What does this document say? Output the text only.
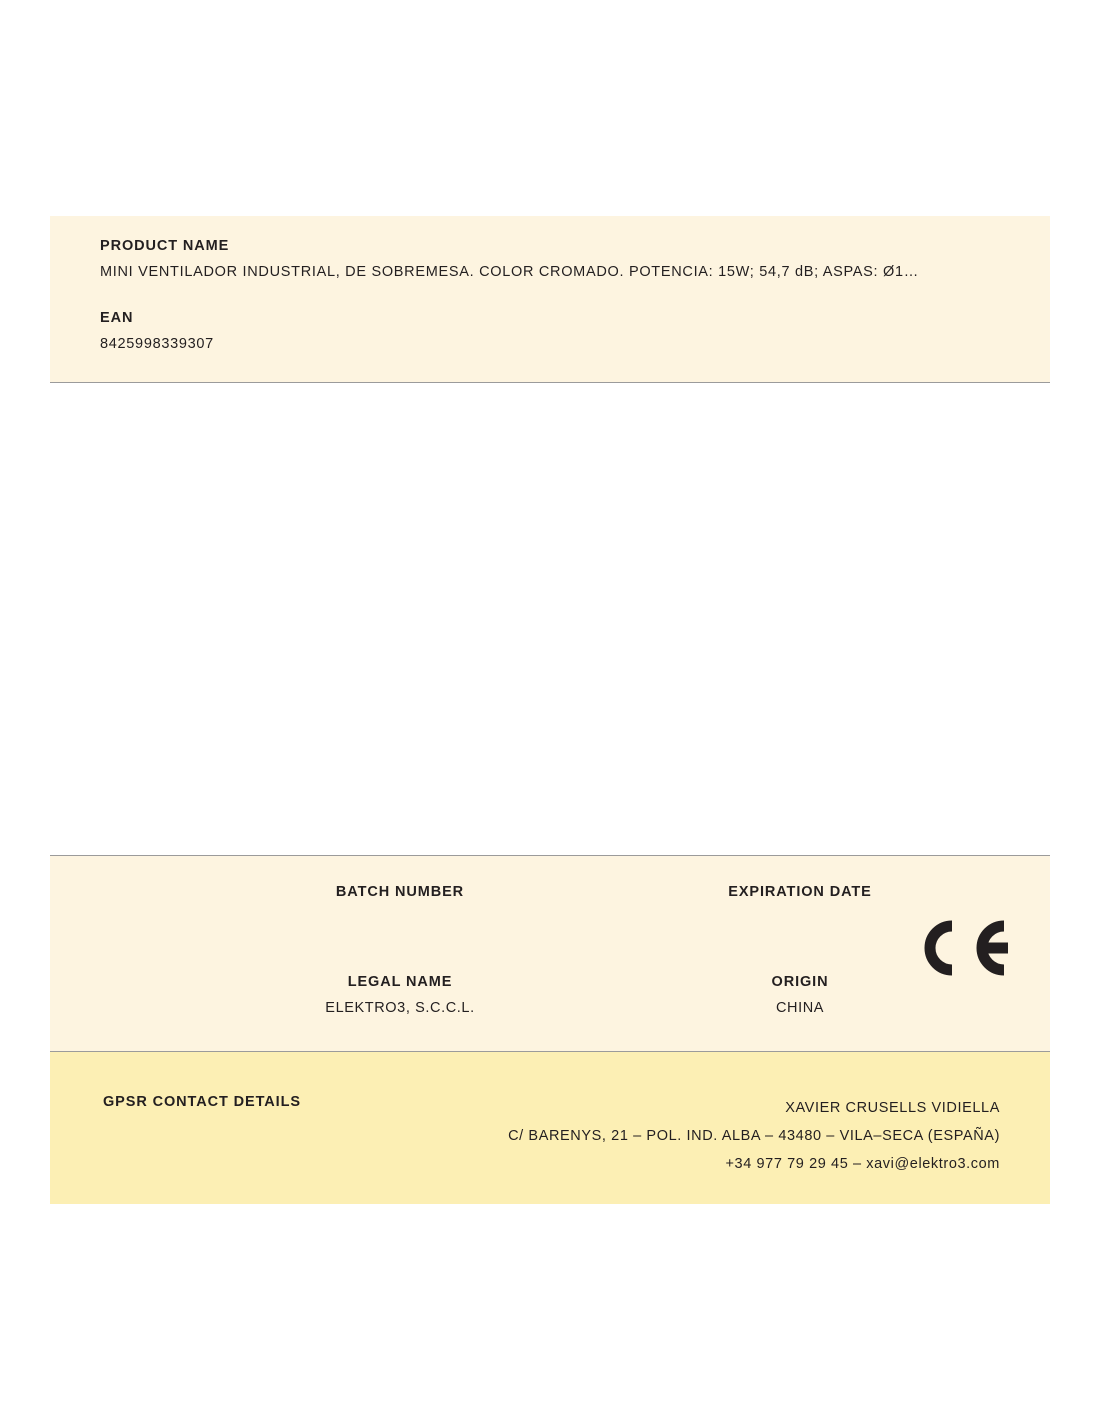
PRODUCT NAME
MINI VENTILADOR INDUSTRIAL, DE SOBREMESA. COLOR CROMADO. POTENCIA: 15W; 54,7 dB; ASPAS: Ø1…
EAN
8425998339307
BATCH NUMBER	EXPIRATION DATE
LEGAL NAME
ELEKTRO3, S.C.C.L.
ORIGIN
CHINA
GPSR CONTACT DETAILS	XAVIER CRUSELLS VIDIELLA
C/ BARENYS, 21 – POL. IND. ALBA – 43480 – VILA–SECA (ESPAÑA)
+34 977 79 29 45 – xavi@elektro3.com
